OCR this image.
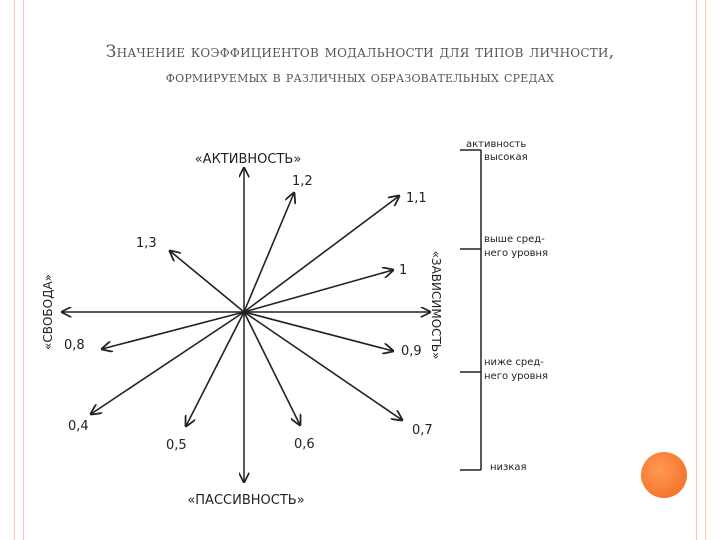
Значение коэффициентов модальности для типов личности,
формируемых в различных образовательных средах
«АКТИВНОСТЬ»
«ПАССИВНОСТЬ»
«СВОБОДА»	«ЗАВИСИМОСТЬ»
1,2
1,1
1,3
1
0,8	0,9
0,4	0,7
0,5	0,6
активность
высокая
выше сред-
него уровня
ниже сред-
него уровня
низкая
